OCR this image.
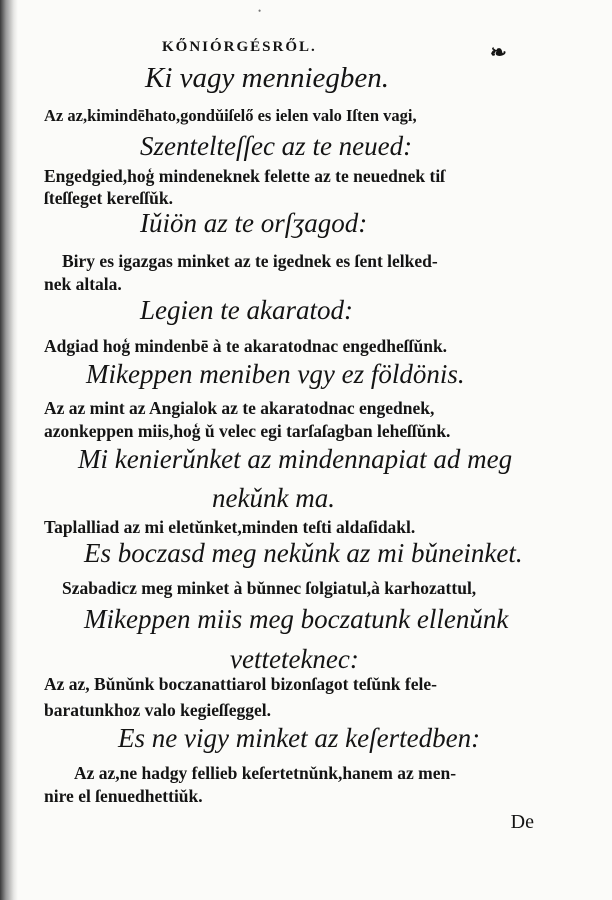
•
KŐNIÓRGÉSRŐL.	❧
Ki vagy menniegben.
Az az,kimindēhato,gondǔiſelő es ielen valo Iſten vagi,
Szentelteſſec az te neued:
Engedgied,hoģ mindeneknek felette az te neuednek tiſ
ſteſſeget kereſſǔk.
Iǔiön az te orſʒagod:
Biry es igazgas minket az te igednek es ſent lelked-
nek altala.
Legien te akaratod:
Adgiad hoģ mindenbē à te akaratodnac engedheſſǔnk.
Mikeppen meniben vgy ez földönis.
Az az mint az Angialok az te akaratodnac engednek,
azonkeppen miis,hoģ ǔ velec egi tarſaſagban leheſſǔnk.
Mi kenierǔnket az mindennapiat ad meg
nekǔnk ma.
Taplalliad az mi eletǔnket,minden teſti aldaſidakl.
Es boczasd meg nekǔnk az mi bǔneinket.
Szabadicz meg minket à bǔnnec ſolgiatul,à karhozattul,
Mikeppen miis meg boczatunk ellenǔnk
vetteteknec:
Az az, Bǔnǔnk boczanattiarol bizonſagot teſǔnk fele-
baratunkhoz valo kegieſſeggel.
Es ne vigy minket az keſertedben:
Az az,ne hadgy fellieb keſertetnǔnk,hanem az men-
nire el ſenuedhettiǔk.
De
